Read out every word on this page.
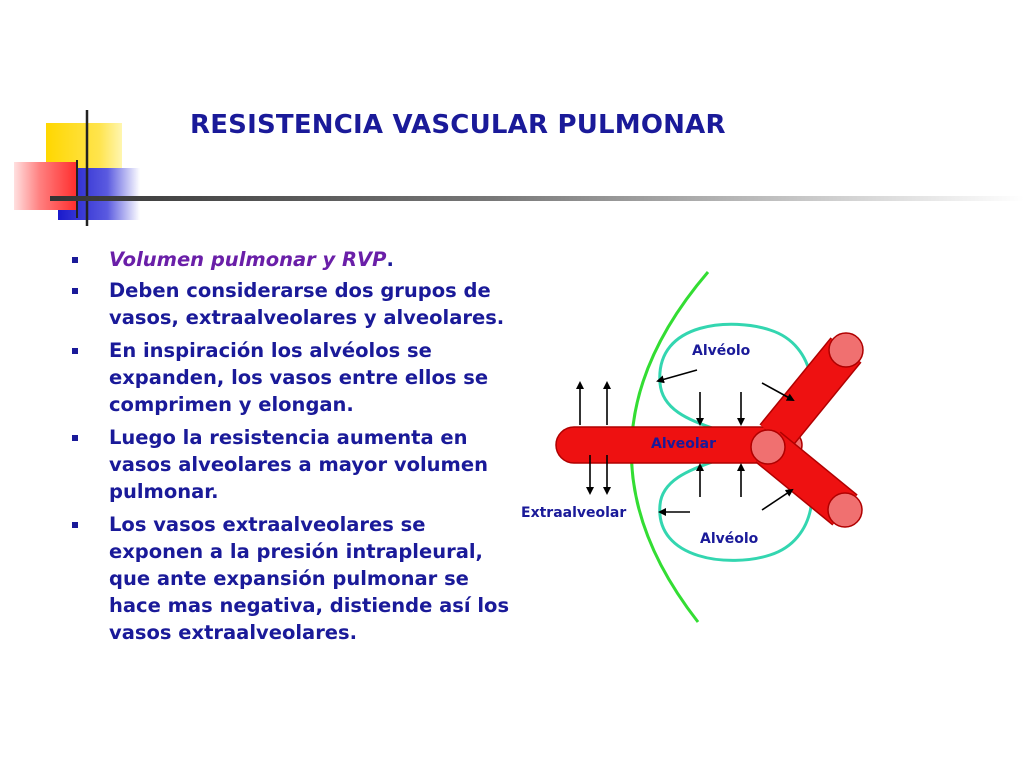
RESISTENCIA VASCULAR PULMONAR
Volumen pulmonar y RVP.
Deben considerarse dos grupos de vasos, extraalveolares y alveolares.
En inspiración los alvéolos se expanden, los vasos entre ellos se comprimen y elongan.
Luego la resistencia aumenta en vasos alveolares a mayor volumen pulmonar.
Los vasos extraalveolares se exponen a la presión intrapleural, que ante expansión pulmonar se hace mas negativa, distiende así los vasos extraalveolares.
Alvéolo
Alveolar
Extraalveolar
Alvéolo
